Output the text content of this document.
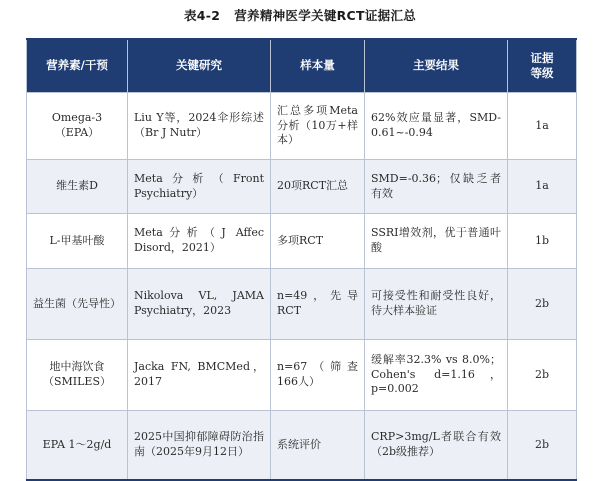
表4-2 营养精神医学关键RCT证据汇总
营养素/干预	关键研究	样本量	主要结果	证据
等级
Omega-3
（EPA）	Liu Y等，2024伞形综述（Br J Nutr）	汇总多项Meta分析（10万+样本）	62%效应量显著，SMD-0.61~-0.94	1a
维生素D	Meta分析（Front Psychiatry）	20项RCT汇总	SMD=-0.36；仅缺乏者有效	1a
L-甲基叶酸	Meta分析（J Affec Disord，2021）	多项RCT	SSRI增效剂，优于普通叶酸	1b
益生菌（先导性）	Nikolova VL, JAMA Psychiatry，2023	n=49，先导RCT	可接受性和耐受性良好，待大样本验证	2b
地中海饮食
（SMILES）	Jacka FN, BMCMed，2017	n=67（筛查166人）	缓解率32.3% vs 8.0%；Cohen's d=1.16，p=0.002	2b
EPA 1～2g/d	2025中国抑郁障碍防治指南（2025年9月12日）	系统评价	CRP>3mg/L者联合有效（2b级推荐）	2b
